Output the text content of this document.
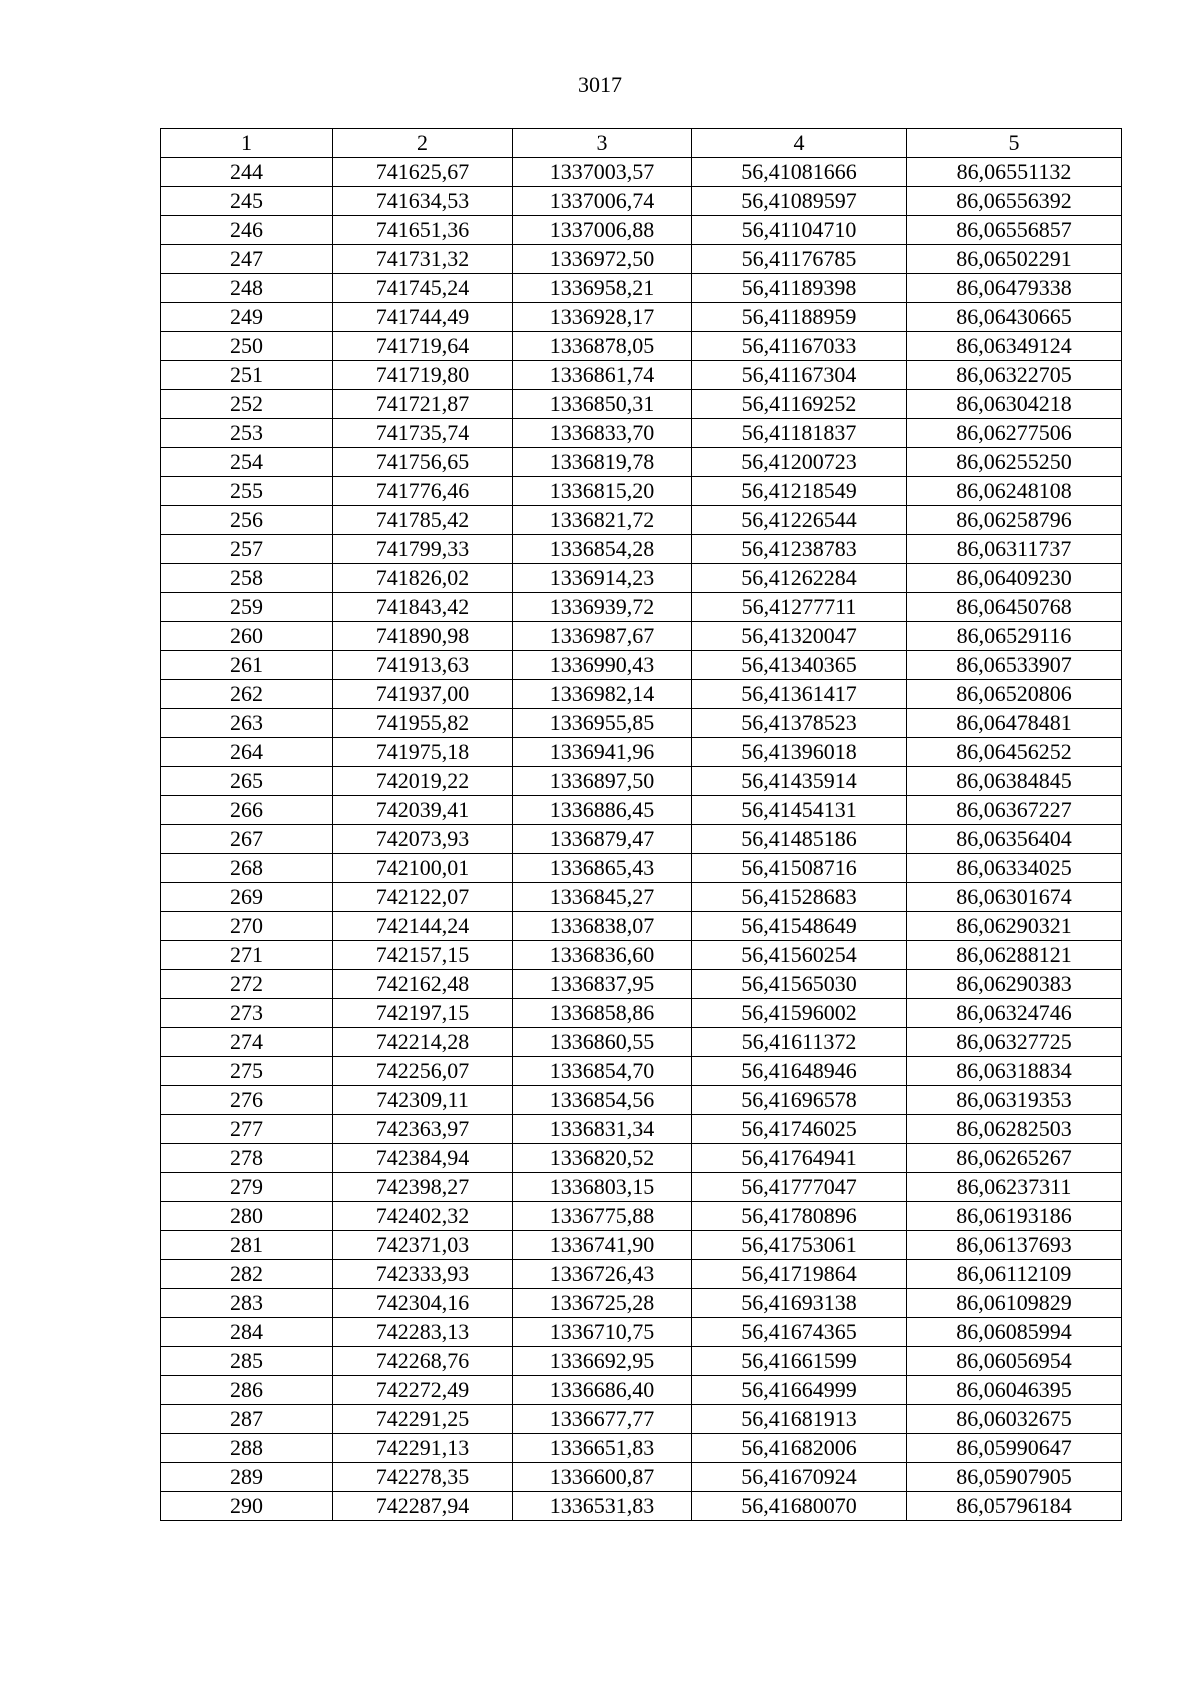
3017
1	2	3	4	5
244	741625,67	1337003,57	56,41081666	86,06551132
245	741634,53	1337006,74	56,41089597	86,06556392
246	741651,36	1337006,88	56,41104710	86,06556857
247	741731,32	1336972,50	56,41176785	86,06502291
248	741745,24	1336958,21	56,41189398	86,06479338
249	741744,49	1336928,17	56,41188959	86,06430665
250	741719,64	1336878,05	56,41167033	86,06349124
251	741719,80	1336861,74	56,41167304	86,06322705
252	741721,87	1336850,31	56,41169252	86,06304218
253	741735,74	1336833,70	56,41181837	86,06277506
254	741756,65	1336819,78	56,41200723	86,06255250
255	741776,46	1336815,20	56,41218549	86,06248108
256	741785,42	1336821,72	56,41226544	86,06258796
257	741799,33	1336854,28	56,41238783	86,06311737
258	741826,02	1336914,23	56,41262284	86,06409230
259	741843,42	1336939,72	56,41277711	86,06450768
260	741890,98	1336987,67	56,41320047	86,06529116
261	741913,63	1336990,43	56,41340365	86,06533907
262	741937,00	1336982,14	56,41361417	86,06520806
263	741955,82	1336955,85	56,41378523	86,06478481
264	741975,18	1336941,96	56,41396018	86,06456252
265	742019,22	1336897,50	56,41435914	86,06384845
266	742039,41	1336886,45	56,41454131	86,06367227
267	742073,93	1336879,47	56,41485186	86,06356404
268	742100,01	1336865,43	56,41508716	86,06334025
269	742122,07	1336845,27	56,41528683	86,06301674
270	742144,24	1336838,07	56,41548649	86,06290321
271	742157,15	1336836,60	56,41560254	86,06288121
272	742162,48	1336837,95	56,41565030	86,06290383
273	742197,15	1336858,86	56,41596002	86,06324746
274	742214,28	1336860,55	56,41611372	86,06327725
275	742256,07	1336854,70	56,41648946	86,06318834
276	742309,11	1336854,56	56,41696578	86,06319353
277	742363,97	1336831,34	56,41746025	86,06282503
278	742384,94	1336820,52	56,41764941	86,06265267
279	742398,27	1336803,15	56,41777047	86,06237311
280	742402,32	1336775,88	56,41780896	86,06193186
281	742371,03	1336741,90	56,41753061	86,06137693
282	742333,93	1336726,43	56,41719864	86,06112109
283	742304,16	1336725,28	56,41693138	86,06109829
284	742283,13	1336710,75	56,41674365	86,06085994
285	742268,76	1336692,95	56,41661599	86,06056954
286	742272,49	1336686,40	56,41664999	86,06046395
287	742291,25	1336677,77	56,41681913	86,06032675
288	742291,13	1336651,83	56,41682006	86,05990647
289	742278,35	1336600,87	56,41670924	86,05907905
290	742287,94	1336531,83	56,41680070	86,05796184
